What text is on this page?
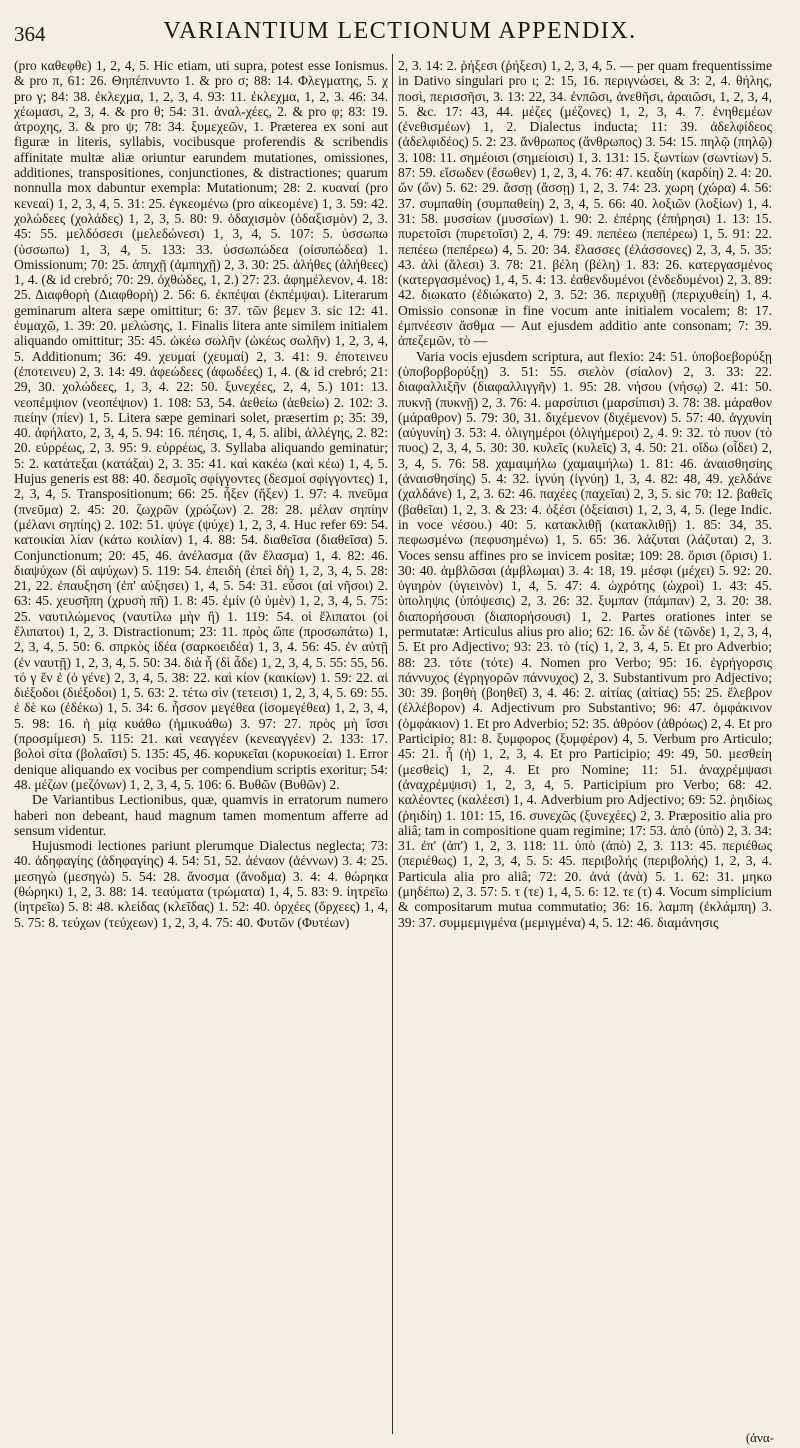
364	VARIANTIUM LECTIONUM APPENDIX.

(pro καθεφθε) 1, 2, 4, 5. Hic etiam, uti supra, potest esse Ionismus. & pro π, 61: 26. Θηπέπνυντο 1. & pro σ; 88: 14. Φλεγματης, 5. χ pro γ; 84: 38. ἐκλεχμα, 1, 2, 3, 4. 93: 11. ἐκλεχμα, 1, 2, 3. 46: 34. χέωμασι, 2, 3, 4. & pro θ; 54: 31. ἀναλ-χέες, 2. & pro φ; 83: 19. ἀτροχης, 3. & pro ψ; 78: 34. ξυμεχεῶν, 1. Præterea ex soni aut figuræ in literis, syllabis, vocibusque proferendis & scribendis affinitate multæ aliæ oriuntur earundem mutationes, omissiones, additiones, transpositiones, conjunctiones, & distractiones; quarum nonnulla mox dabuntur exempla: Mutationum; 28: 2. κυαναί (pro κενεαί) 1, 2, 3, 4, 5. 31: 25. ἐγκεομένω (pro αἰκεομένε) 1, 3. 59: 42. χολώδεες (χολάδες) 1, 2, 3, 5. 80: 9. ὀδαχισμὸν (ὀδαξισμὸν) 2, 3. 45: 55. μελδόσεσι (μελεδώνεσι) 1, 3, 4, 5. 107: 5. ὑσσωπω (ὑσσωπω) 1, 3, 4, 5. 133: 33. ὑσσωπώδεα (οἰσυπώδεα) 1. Omissionum; 70: 25. ἀπηχῇ (ἀμπηχῇ) 2, 3. 30: 25. ἀλήθες (ἀλήθεες) 1, 4. (& id crebró; 70: 29. ὀχθώδες, 1, 2.) 27: 23. ἀφημέλενον, 4. 18: 25. Διαφθορὴ (Διαφθορὴ) 2. 56: 6. ἐκπέψαι (ἐκπέμψαι). Literarum geminarum altera sæpe omittitur; 6: 37. τῶν βεμεν 3. sic 12: 41. ἐυμαχῶ, 1. 39: 20. μελώσης, 1. Finalis litera ante similem initialem aliquando omittitur; 35: 45. ὠκέω σωλῆν (ὠκέως σωλῆν) 1, 2, 3, 4, 5. Additionum; 36: 49. χευμαί (χευμαί) 2, 3. 41: 9. ἐποτεινευ (ἐποτεινευ) 2, 3. 14: 49. ἀφεώδεες (ἀφωδέες) 1, 4. (& id crebró; 21: 29, 30. χολώδεες, 1, 3, 4. 22: 50. ξυνεχέες, 2, 4, 5.) 101: 13. νεοπέμψιον (νεοπέψιον) 1. 108: 53, 54. ἀεθείω (ἀεθείω) 2. 102: 3. πιείην (πίεν) 1, 5. Litera sæpe geminari solet, præsertim ρ; 35: 39, 40. ἀφήλατο, 2, 3, 4, 5. 94: 16. πέησις, 1, 4, 5. alibi, ἀλλέγης, 2. 82: 20. εὐρρέως, 2, 3. 95: 9. εὐρρέως, 3. Syllaba aliquando geminatur; 5: 2. κατάτεξαι (κατάξαι) 2, 3. 35: 41. καὶ κακέω (καὶ κέω) 1, 4, 5. Hujus generis est 88: 40. δεσμοῖς σφίγγοντες (δεσμοί σφίγγοντες) 1, 2, 3, 4, 5. Transpositionum; 66: 25. ἧξεν (ἤξεν) 1. 97: 4. πνεῦμα (πνεῦμα) 2. 45: 20. ζωχρῶν (χρώζων) 2. 28: 28. μέλαν σηπίην (μέλανι σηπίης) 2. 102: 51. ψύγε (ψύχε) 1, 2, 3, 4. Huc refer 69: 54. κατοικίαι λίαν (κάτω κοιλίαν) 1, 4. 88: 54. διαθεῖσα (διαθεῖσα) 5. Conjunctionum; 20: 45, 46. ἀνέλασμα (ἂν ἔλασμα) 1, 4. 82: 46. διαψύχων (δὶ αψύχων) 5. 119: 54. ἐπειδὴ (ἐπεὶ δὴ) 1, 2, 3, 4, 5. 28: 21, 22. ἐπαυξηση (ἐπ' αὐξησει) 1, 4, 5. 54: 31. εὖσοι (αἱ νῆσοι) 2. 63: 45. χευσῆπη (χρυσὴ πῆ) 1. 8: 45. ἐμίν (ὁ ὐμὲν) 1, 2, 3, 4, 5. 75: 25. ναυτιλώμενος (ναυτίλω μὴν ἢ) 1. 119: 54. οἱ ἔλιπατοι (οἱ ἔλιπατοι) 1, 2, 3. Distractionum; 23: 11. πρὸς ὤπε (προσωπάτω) 1, 2, 3, 4, 5. 50: 6. σπρκὸς ἰδέα (σαρκοειδέα) 1, 3, 4. 56: 45. ἐν αὐτῇ (ἐν ναυτῇ) 1, 2, 3, 4, 5. 50: 34. διὰ ἧ (δὶ ἆδε) 1, 2, 3, 4, 5. 55: 55, 56. τό γ ἔν ἐ (ὁ γένε) 2, 3, 4, 5. 38: 22. καὶ κίον (καικίων) 1. 59: 22. αἱ διέξοδοι (διέξοδοι) 1, 5. 63: 2. τέτω σὶν (τετεισι) 1, 2, 3, 4, 5. 69: 55. ἐ δὲ κω (ἐδέκω) 1, 5. 34: 6. ἧσσον μεγέθεα (ἰσομεγέθεα) 1, 2, 3, 4, 5. 98: 16. ἡ μίᾳ κυάθω (ἡμικυάθω) 3. 97: 27. πρὸς μὴ ἴσσι (προσμίμεσι) 5. 115: 21. καὶ νεαγγέεν (κενεαγγέεν) 2. 133: 17. βολοὶ σίτα (βολαῖσι) 5. 135: 45, 46. κορυκεῖαι (κορυκοείαι) 1. Error denique aliquando ex vocibus per compendium scriptis exoritur; 54: 48. μέζων (μεζόνων) 1, 2, 3, 4, 5. 106: 6. Βυθῶν (Βυθῶν) 2.

De Variantibus Lectionibus, quæ, quamvis in erratorum numero haberi non debeant, haud magnum tamen momentum afferre ad sensum videntur.

Hujusmodi lectiones pariunt plerumque Dialectus neglecta; 73: 40. ἀδηφαγίης (ἀδηφαγίης) 4. 54: 51, 52. ἀέναον (ἀέννων) 3. 4: 25. μεσηγὼ (μεσηγὼ) 5. 54: 28. ἄνοσμα (ἄνοδμα) 3. 4: 4. θώρηκα (θώρηκι) 1, 2, 3. 88: 14. τεαύματα (τρώματα) 1, 4, 5. 83: 9. ἰητρεῖω (ἰητρεῖω) 5. 8: 48. κλείδας (κλεῖδας) 1. 52: 40. ὀρχέες (ὄρχεες) 1, 4, 5. 75: 8. τεύχων (τεύχεων) 1, 2, 3, 4. 75: 40. Φυτῶν (Φυτέων)

2, 3. 14: 2. ῥήξεσι (ῥήξεσι) 1, 2, 3, 4, 5. — per quam frequentissime in Dativo singulari pro ι; 2: 15, 16. περιγνώσει, & 3: 2, 4. θήλης, ποσὶ, περισσῆσι, 3. 13: 22, 34. ἐνπῶσι, ἀνεθῆσι, ἀραιῶσι, 1, 2, 3, 4, 5. &c. 17: 43, 44. μέζες (μέζονες) 1, 2, 3, 4. 7. ἐνηθεμέων (ἐνεθισμέων) 1, 2. Dialectus inducta; 11: 39. ἀδελφίδεος (ἀδελφιδέος) 5. 2: 23. ἄνθρωπος (ἄνθρωπος) 3. 54: 15. πηλῷ (πηλῷ) 3. 108: 11. σημέοισι (σημείοισι) 1, 3. 131: 15. ξωντίων (σωντίων) 5. 87: 59. εἴσωδεν (ἔσωθεν) 1, 2, 3, 4. 76: 47. κεαδίη (καρδίη) 2. 4: 20. ὤν (ὤν) 5. 62: 29. ἄσσῃ (ἄσσῃ) 1, 2, 3. 74: 23. χωρη (χώρα) 4. 56: 37. συμπαθίη (συμπαθείη) 2, 3, 4, 5. 66: 40. λοξιῶν (λοξίων) 1, 4. 31: 58. μυσσίων (μυσσίων) 1. 90: 2. ἐπέρης (ἐπήρησι) 1. 13: 15. πυρετοῖσι (πυρετοῖσι) 2, 4. 79: 49. πεπέεω (πεπέρεω) 1, 5. 91: 22. πεπέεω (πεπέρεω) 4, 5. 20: 34. ἔλασσες (ἐλάσσονες) 2, 3, 4, 5. 35: 43. ἁλὶ (ἅλεσι) 3. 78: 21. βέλη (βέλη) 1. 83: 26. κατεργασμένος (κατεργασμένος) 1, 4, 5. 4: 13. ἐαθενδυμένοι (ἐνδεδυμένοι) 2, 3. 89: 42. διωκατο (ἐδιώκατο) 2, 3. 52: 36. περιχυθῇ (περιχυθείη) 1, 4. Omissio consonæ in fine vocum ante initialem vocalem; 8: 17. ἐμπνέεσιν ἄσθμα — Aut ejusdem additio ante consonam; 7: 39. ἀπεζεμῶν, τὸ —

Varia vocis ejusdem scriptura, aut flexio: 24: 51. ὑποβοεβορύξῃ (ὑποβορβορύξῃ) 3. 51: 55. σιελὸν (σίαλον) 2, 3. 33: 22. διαφαλλιξῆν (διαφαλλιγγῆν) 1. 95: 28. νήσου (νήσῳ) 2. 41: 50. πυκνῇ (πυκνῇ) 2, 3. 76: 4. μαρσίπισι (μαρσίπισι) 3. 78: 38. μάραθον (μάραθρον) 5. 79: 30, 31. διχέμενον (διχέμενον) 5. 57: 40. ἀγχυνίη (αὐγυνίη) 3. 53: 4. ὀλιγημέροι (ὀλιγήμεροι) 2, 4. 9: 32. τὸ πυον (τὸ πυος) 2, 3, 4, 5. 30: 30. κυλεῖς (κυλεῖς) 3, 4. 50: 21. οἴδω (οἶδει) 2, 3, 4, 5. 76: 58. χαμαιμήλω (χαμαιμήλω) 1. 81: 46. ἀναισθησίης (ἀναισθησίης) 5. 4: 32. ἰγνύη (ἰγνύη) 1, 3, 4. 82: 48, 49. χελδάνε (χαλδάνε) 1, 2, 3. 62: 46. παχέες (παχεῖαι) 2, 3, 5. sic 70: 12. βαθεῖς (βαθεῖαι) 1, 2, 3. & 23: 4. ὀξέσι (ὀξείαισι) 1, 2, 3, 4, 5. (lege Indic. in voce νέσου.) 40: 5. κατακλιθῇ (κατακλιθῇ) 1. 85: 34, 35. πεφωσμένω (πεφυσημένω) 1, 5. 65: 36. λάζυται (λάζυται) 2, 3. Voces sensu affines pro se invicem positæ; 109: 28. ὅρισι (ὄρισι) 1. 30: 40. ἀμβλῶσαι (ἀμβλωμαι) 3. 4: 18, 19. μέσφι (μέχει) 5. 92: 20. ὑγιηρὸν (ὑγιεινὸν) 1, 4, 5. 47: 4. ὠχρότης (ὠχροὶ) 1. 43: 45. ὑποληψις (ὑπόψεσις) 2, 3. 26: 32. ξυμπαν (πάμπαν) 2, 3. 20: 38. διαπορήσουσι (διαπορήσουσι) 1, 2. Partes orationes inter se permutatæ: Articulus alius pro alio; 62: 16. ὧν δέ (τῶνδε) 1, 2, 3, 4, 5. Et pro Adjectivo; 93: 23. τὸ (τίς) 1, 2, 3, 4, 5. Et pro Adverbio; 88: 23. τότε (τότε) 4. Nomen pro Verbo; 95: 16. ἐγρήγορσις πάννυχος (ἐγρηγορῶν πάννυχος) 2, 3. Substantivum pro Adjectivo; 30: 39. βοηθὴ (βοηθεῖ) 3, 4. 46: 2. αἰτίας (αἰτίας) 55: 25. ἔλεβρον (ἐλλέβορον) 4. Adjectivum pro Substantivo; 96: 47. ὀμφάκινον (ὀμφάκιον) 1. Et pro Adverbio; 52: 35. ἀθρόον (ἀθρόως) 2, 4. Et pro Participio; 81: 8. ξυμφορος (ξυμφέρον) 4, 5. Verbum pro Articulo; 45: 21. ἦ (ἡ) 1, 2, 3, 4. Et pro Participio; 49: 49, 50. μεσθείη (μεσθεὶς) 1, 2, 4. Et pro Nomine; 11: 51. ἀναχρέμψασι (ἀναχρέμψισι) 1, 2, 3, 4, 5. Participium pro Verbo; 68: 42. καλέοντες (καλέεσι) 1, 4. Adverbium pro Adjectivo; 69: 52. ῥηιδίως (ῥηιδίη) 1. 101: 15, 16. συνεχῶς (ξυνεχέες) 2, 3. Præpositio alia pro aliâ; tam in compositione quam regimine; 17: 53. ἀπὸ (ὑπὸ) 2, 3. 34: 31. ἐπ' (ἀπ') 1, 2, 3. 118: 11. ὑπὸ (ἀπὸ) 2, 3. 113: 45. περιέθως (περιέθως) 1, 2, 3, 4, 5. 5: 45. περιβολής (περιβολής) 1, 2, 3, 4. Particula alia pro aliâ; 72: 20. ἀνά (ἀνὰ) 5. 1. 62: 31. μηκω (μηδέπω) 2, 3. 57: 5. τ (τε) 1, 4, 5. 6: 12. τε (τ) 4. Vocum simplicium & compositarum mutua commutatio; 36: 16. λαμπη (ἐκλάμπη) 3. 39: 37. συμμεμιγμένα (μεμιγμένα) 4, 5. 12: 46. διαμάνησις

(ἀνα-
